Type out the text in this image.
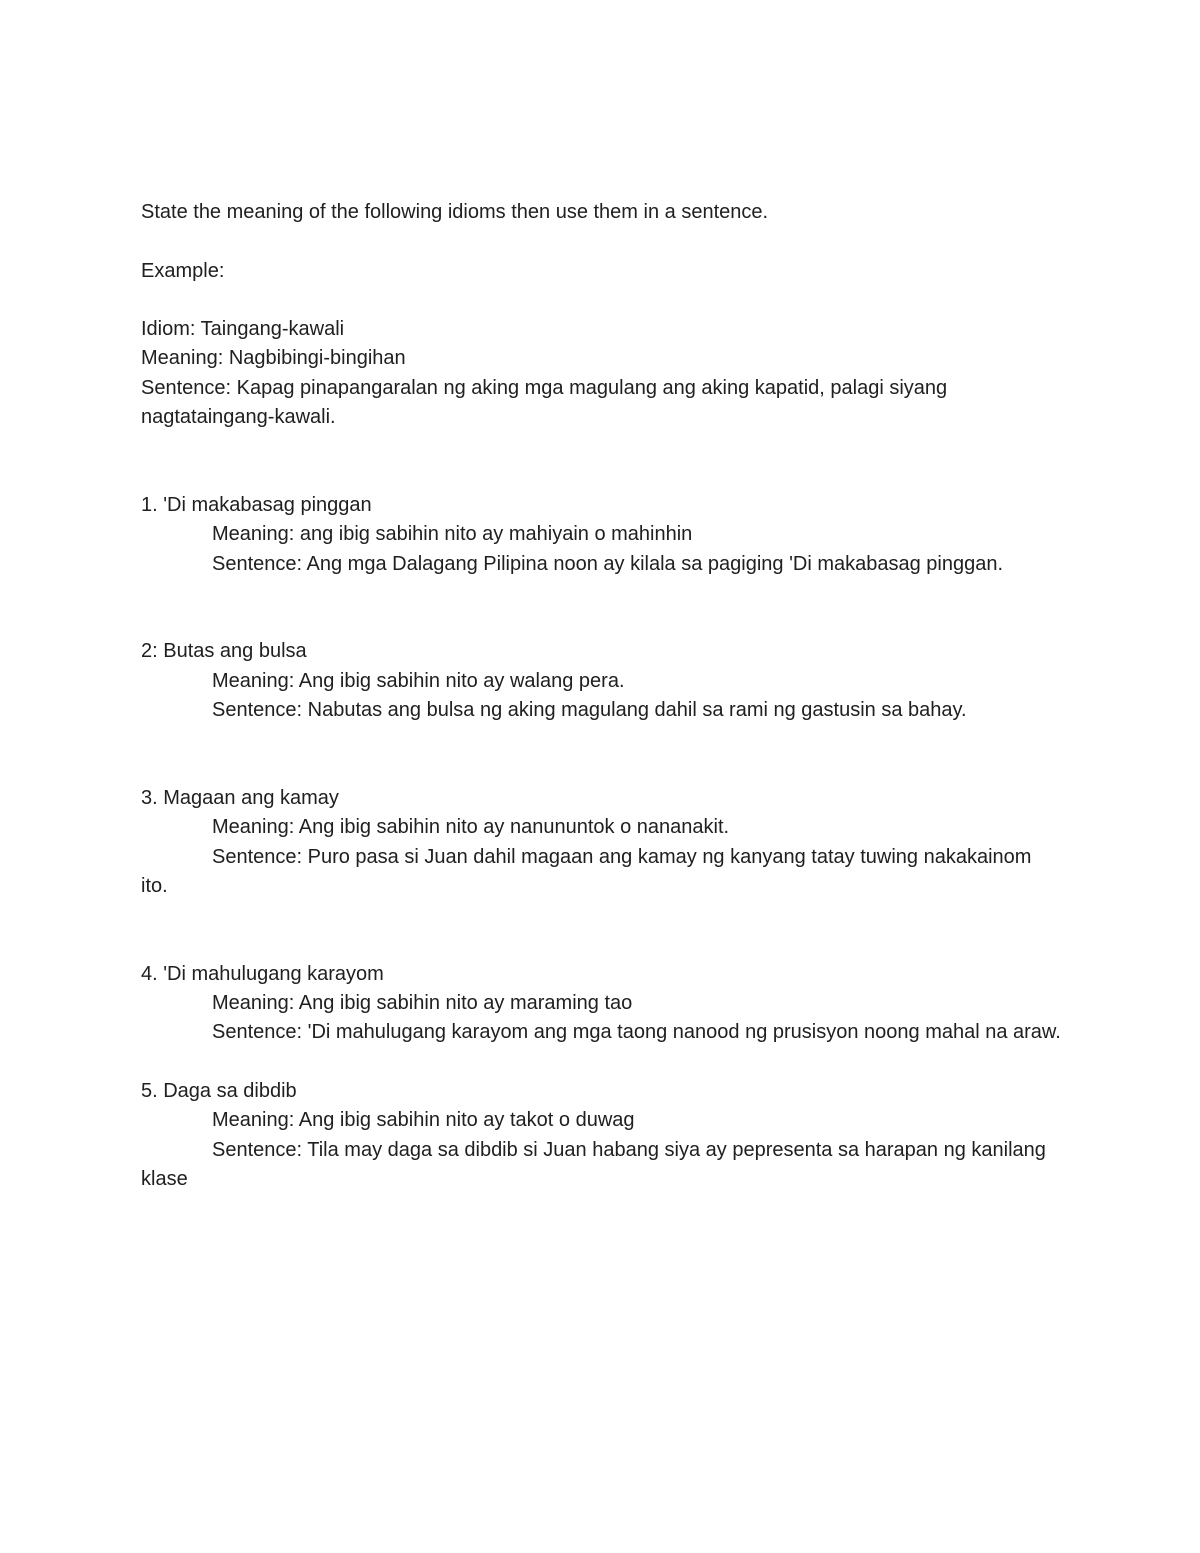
State the meaning of the following idioms then use them in a sentence.
Example:
Idiom: Taingang-kawali
Meaning: Nagbibingi-bingihan
Sentence: Kapag pinapangaralan ng aking mga magulang ang aking kapatid, palagi siyang nagtataingang-kawali.
1. 'Di makabasag pinggan
Meaning: ang ibig sabihin nito ay mahiyain o mahinhin
Sentence: Ang mga Dalagang Pilipina noon ay kilala sa pagiging 'Di makabasag pinggan.
2: Butas ang bulsa
Meaning: Ang ibig sabihin nito ay walang pera.
Sentence: Nabutas ang bulsa ng aking magulang dahil sa rami ng gastusin sa bahay.
3. Magaan ang kamay
Meaning: Ang ibig sabihin nito ay nanununtok o nananakit.
Sentence: Puro pasa si Juan dahil magaan ang kamay ng kanyang tatay tuwing nakakainom ito.
4. 'Di mahulugang karayom
Meaning: Ang ibig sabihin nito ay maraming tao
Sentence: 'Di mahulugang karayom ang mga taong nanood ng prusisyon noong mahal na araw.
5. Daga sa dibdib
Meaning: Ang ibig sabihin nito ay takot o duwag
Sentence: Tila may daga sa dibdib si Juan habang siya ay pepresenta sa harapan ng kanilang klase
